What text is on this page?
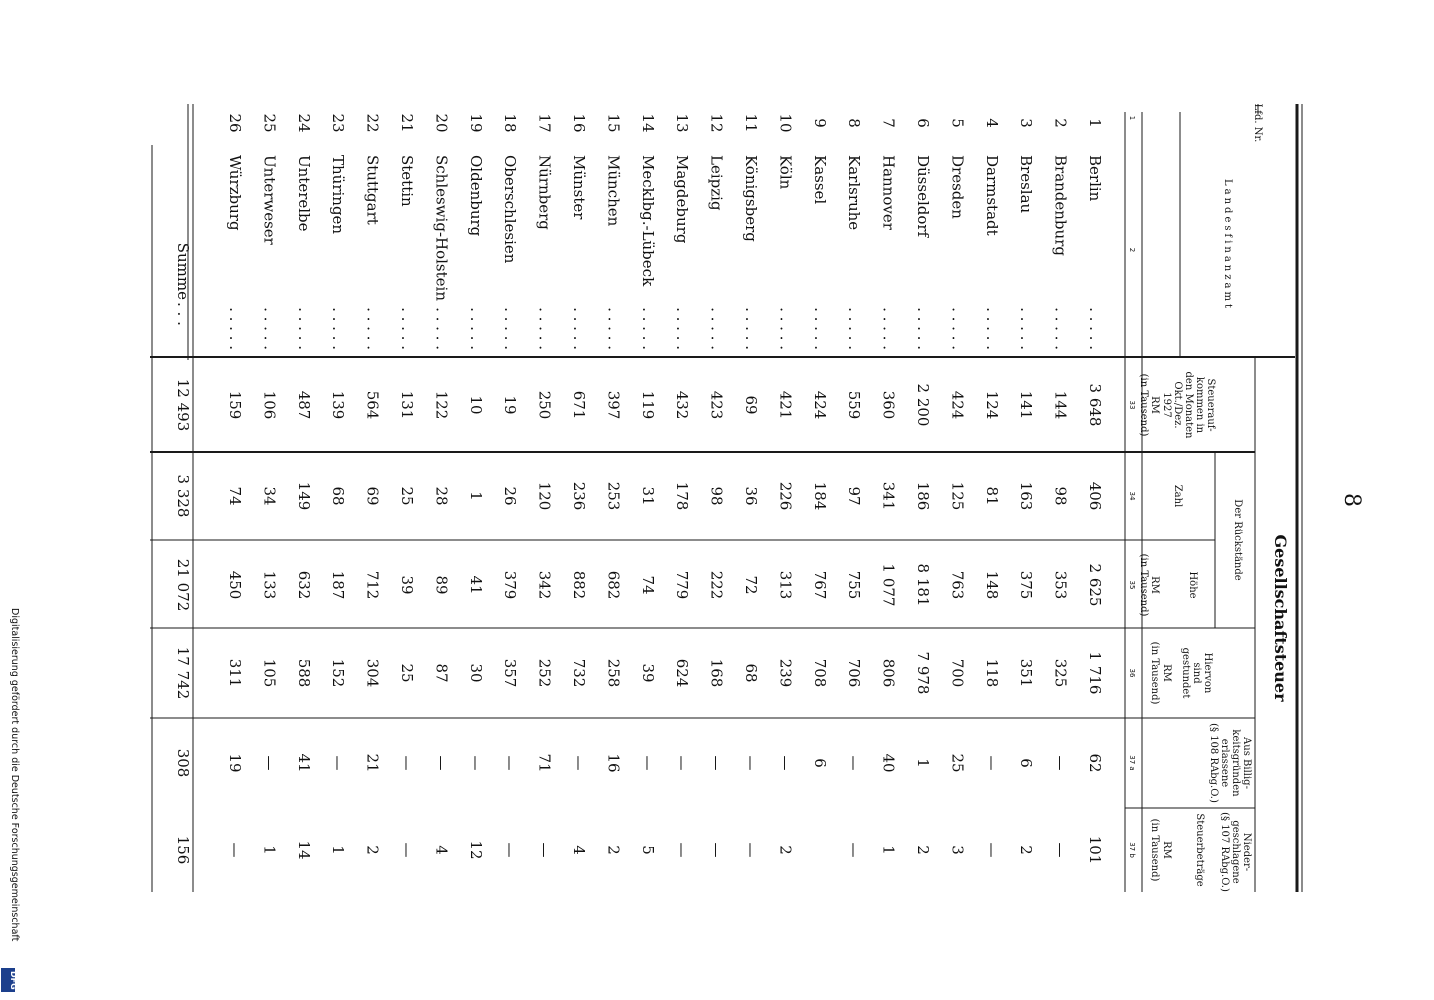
8
Gesellschaftsteuer
Lfd. Nr.
Landesfinanzamt
Steuerauf-
kommen in
den Monaten
Okt./Dez.
1927
RM
(in Tausend)
Der Rückstände
Zahl
Höhe
RM
(in Tausend)
Hiervon
sind
gestundet
RM
(in Tausend)
Aus Billig-
keitsgründen
erlassene
(§ 108 RAbg.O.)
Steuerbeträge
RM
(in Tausend)	Nieder-
geschlagene
(§ 107 RAbg.O.)
1
2
33
34
35
36
37 a
37 b
1
Berlin
. . . . .
3 648
406
2 625
1 716
62
101
2
Brandenburg
. . . . .
144
98
353
325
—
—
3
Breslau
. . . . .
141
163
375
351
6
2
4
Darmstadt
. . . . .
124
81
148
118
—
—
5
Dresden
. . . . .
424
125
763
700
25
3
6
Düsseldorf
. . . . .
2 200
186
8 181
7 978
1
2
7
Hannover
. . . . .
360
341
1 077
806
40
1
8
Karlsruhe
. . . . .
559
97
755
706
—
—
9
Kassel
. . . . .
424
184
767
708
6
10
Köln
. . . . .
421
226
313
239
—
2
11
Königsberg
. . . . .
69
36
72
68
—
—
12
Leipzig
. . . . .
423
98
222
168
—
—
13
Magdeburg
. . . . .
432
178
779
624
—
—
14
Mecklbg.-Lübeck
. . . . .
119
31
74
39
—
5
15
München
. . . . .
397
253
682
258
16
2
16
Münster
. . . . .
671
236
882
732
—
4
17
Nürnberg
. . . . .
250
120
342
252
71
—
18
Oberschlesien
. . . . .
19
26
379
357
—
—
19
Oldenburg
. . . . .
10
1
41
30
—
12
20
Schleswig-Holstein
. . . . .
122
28
89
87
—
4
21
Stettin
. . . . .
131
25
39
25
—
—
22
Stuttgart
. . . . .
564
69
712
304
21
2
23
Thüringen
. . . . .
139
68
187
152
—
1
24
Unterelbe
. . . . .
487
149
632
588
41
14
25
Unterweser
. . . . .
106
34
133
105
—
1
26
Würzburg
. . . . .
159
74
450
311
19
—
Summe
. . .
12 493
3 328
21 072
17 742
308
156
Digitalisierung gefördert durch die Deutsche Forschungsgemeinschaft
DFG
